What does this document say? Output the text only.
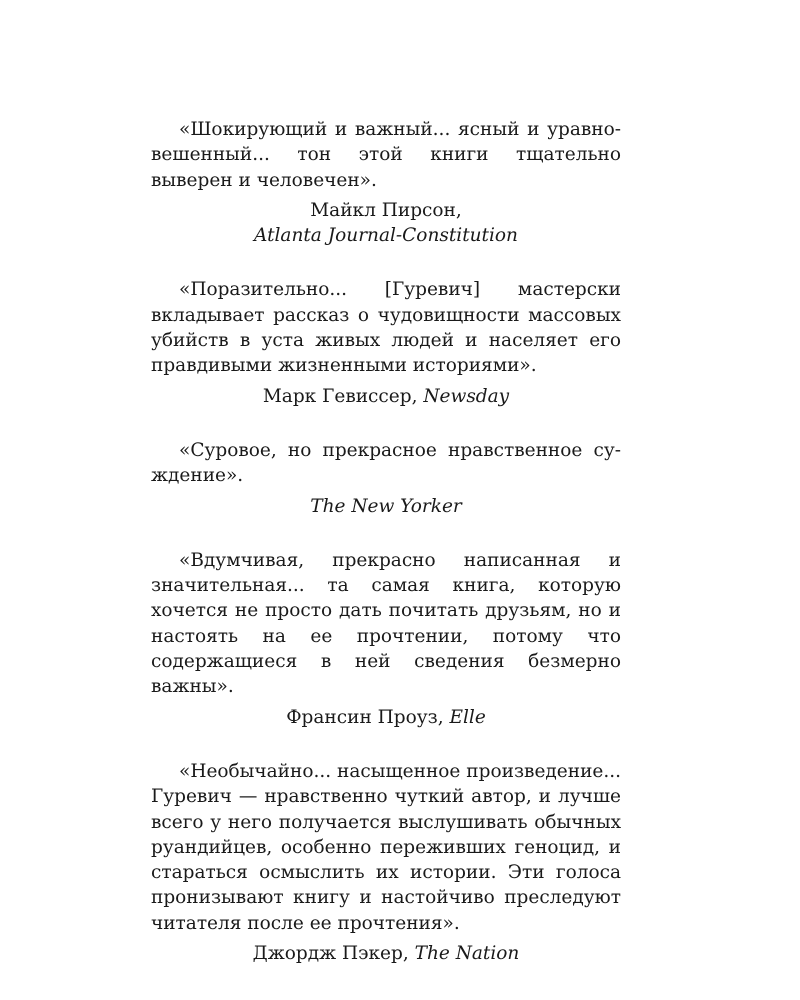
«Шокирующий и важный... ясный и уравновешенный... тон этой книги тщательно выверен и человечен».

Майкл Пирсон,
Atlanta Journal-Constitution

«Поразительно... [Гуревич] мастерски вкладывает рассказ о чудовищности массовых убийств в уста живых людей и населяет его правдивыми жизненными историями».

Марк Гевиссер, Newsday

«Суровое, но прекрасное нравственное суждение».

The New Yorker

«Вдумчивая, прекрасно написанная и значительная... та самая книга, которую хочется не просто дать почитать друзьям, но и настоять на ее прочтении, потому что содержащиеся в ней сведения безмерно важны».

Франсин Проуз, Elle

«Необычайно... насыщенное произведение... Гуревич — нравственно чуткий автор, и лучше всего у него получается выслушивать обычных руандийцев, особенно переживших геноцид, и стараться осмыслить их истории. Эти голоса пронизывают книгу и настойчиво преследуют читателя после ее прочтения».

Джордж Пэкер, The Nation
